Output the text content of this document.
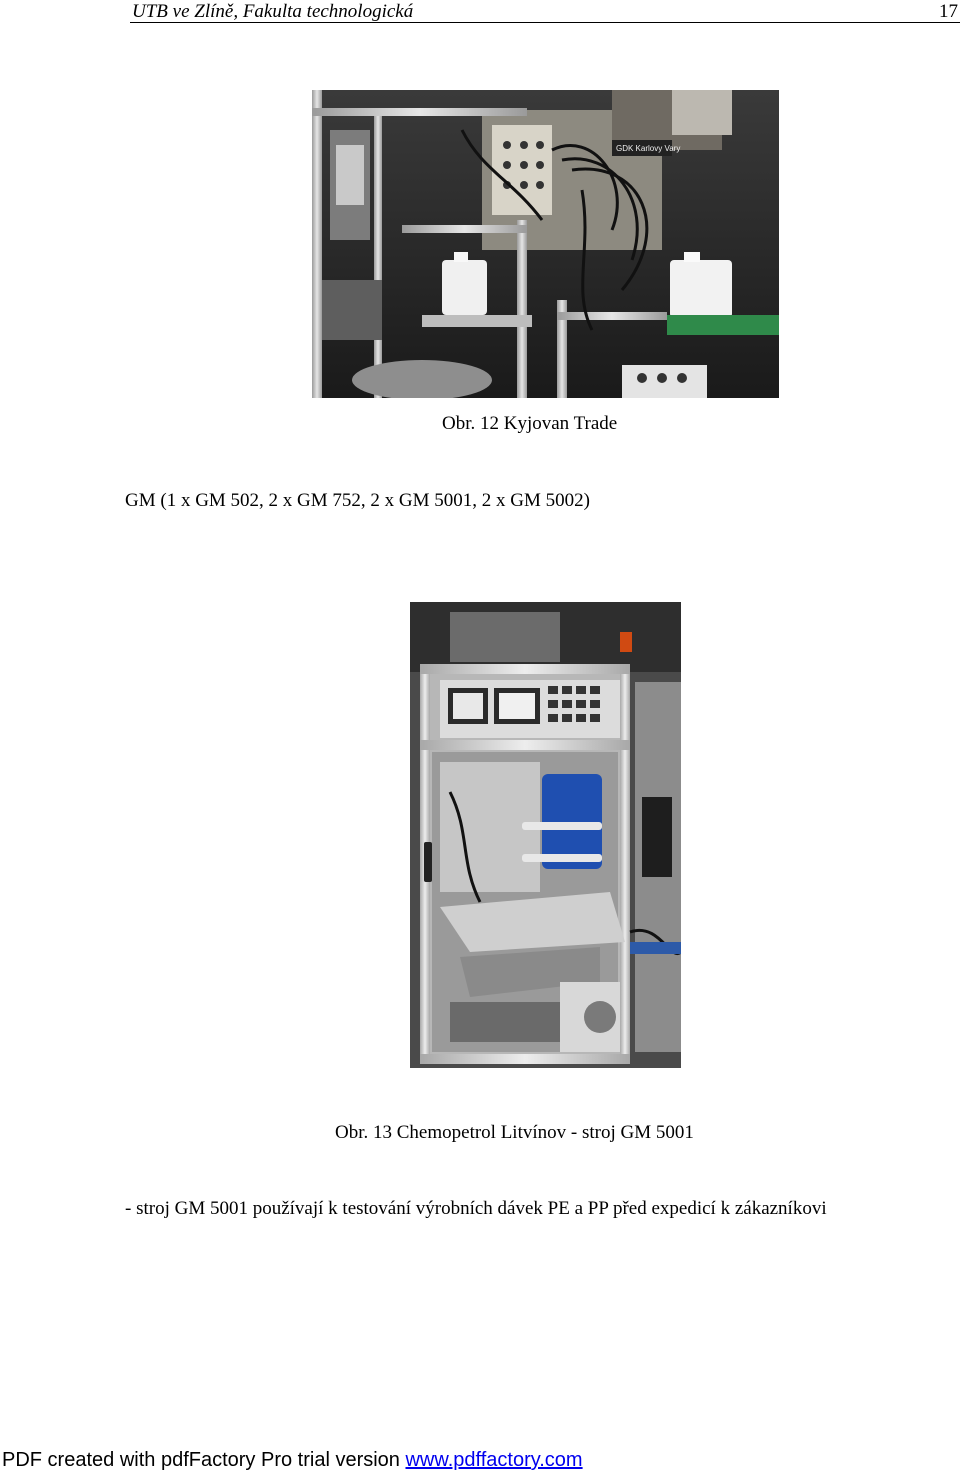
UTB ve Zlíně, Fakulta technologická	17
GDK Karlovy Vary
Obr. 12 Kyjovan Trade
GM (1 x GM 502, 2 x GM 752, 2 x GM 5001, 2 x GM 5002)
Obr. 13 Chemopetrol Litvínov - stroj GM 5001
- stroj GM 5001 používají k testování výrobních dávek PE a PP před expedicí k zákazníkovi
PDF created with pdfFactory Pro trial version www.pdffactory.com
